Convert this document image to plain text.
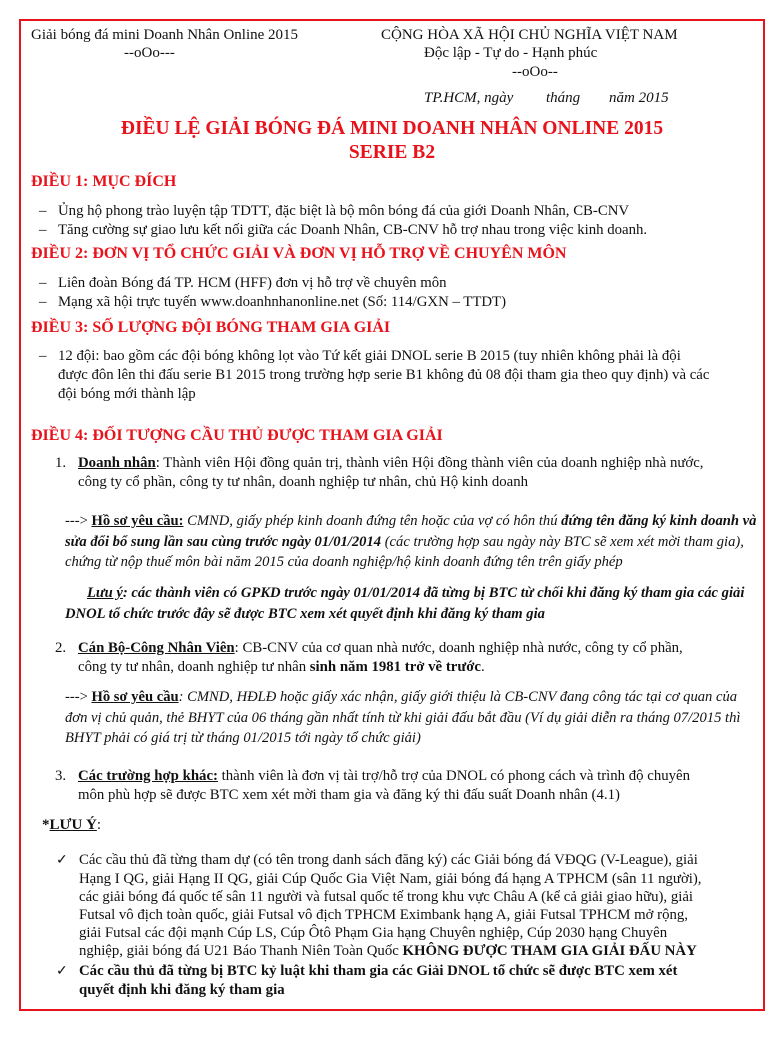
Giải bóng đá mini Doanh Nhân Online 2015
--oOo---
CỘNG HÒA XÃ HỘI CHỦ NGHĨA VIỆT NAM
Độc lập - Tự do - Hạnh phúc
--oOo--
TP.HCM, ngày tháng năm 2015
ĐIỀU LỆ GIẢI BÓNG ĐÁ MINI DOANH NHÂN ONLINE 2015
SERIE B2
ĐIỀU 1: MỤC ĐÍCH
– Ủng hộ phong trào luyện tập TDTT, đặc biệt là bộ môn bóng đá của giới Doanh Nhân, CB-CNV
– Tăng cường sự giao lưu kết nối giữa các Doanh Nhân, CB-CNV hỗ trợ nhau trong việc kinh doanh.
ĐIỀU 2: ĐƠN VỊ TỔ CHỨC GIẢI VÀ ĐƠN VỊ HỖ TRỢ VỀ CHUYÊN MÔN
– Liên đoàn Bóng đá TP. HCM (HFF) đơn vị hỗ trợ về chuyên môn
– Mạng xã hội trực tuyến www.doanhnhanonline.net (Số: 114/GXN – TTDT)
ĐIỀU 3: SỐ LƯỢNG ĐỘI BÓNG THAM GIA GIẢI
– 12 đội: bao gồm các đội bóng không lọt vào Tứ kết giải DNOL serie B 2015 (tuy nhiên không phải là đội
được đôn lên thi đấu serie B1 2015 trong trường hợp serie B1 không đủ 08 đội tham gia theo quy định) và các
đội bóng mới thành lập
ĐIỀU 4: ĐỐI TƯỢNG CẦU THỦ ĐƯỢC THAM GIA GIẢI
1. Doanh nhân: Thành viên Hội đồng quản trị, thành viên Hội đồng thành viên của doanh nghiệp nhà nước,
công ty cổ phần, công ty tư nhân, doanh nghiệp tư nhân, chủ Hộ kinh doanh
---> Hồ sơ yêu cầu: CMND, giấy phép kinh doanh đứng tên hoặc của vợ có hôn thú đứng tên đăng ký kinh doanh và sửa đổi bổ sung lần sau cùng trước ngày 01/01/2014 (các trường hợp sau ngày này BTC sẽ xem xét mời tham gia), chứng từ nộp thuế môn bài năm 2015 của doanh nghiệp/hộ kinh doanh đứng tên trên giấy phép
Lưu ý: các thành viên có GPKD trước ngày 01/01/2014 đã từng bị BTC từ chối khi đăng ký tham gia các giải DNOL tổ chức trước đây sẽ được BTC xem xét quyết định khi đăng ký tham gia
2. Cán Bộ-Công Nhân Viên: CB-CNV của cơ quan nhà nước, doanh nghiệp nhà nước, công ty cổ phần,
công ty tư nhân, doanh nghiệp tư nhân sinh năm 1981 trở về trước.
---> Hồ sơ yêu cầu: CMND, HĐLĐ hoặc giấy xác nhận, giấy giới thiệu là CB-CNV đang công tác tại cơ quan của đơn vị chủ quản, thẻ BHYT của 06 tháng gần nhất tính từ khi giải đấu bắt đầu (Ví dụ giải diễn ra tháng 07/2015 thì BHYT phải có giá trị từ tháng 01/2015 tới ngày tổ chức giải)
3. Các trường hợp khác: thành viên là đơn vị tài trợ/hỗ trợ của DNOL có phong cách và trình độ chuyên
môn phù hợp sẽ được BTC xem xét mời tham gia và đăng ký thi đấu suất Doanh nhân (4.1)
*LƯU Ý:
✓ Các cầu thủ đã từng tham dự (có tên trong danh sách đăng ký) các Giải bóng đá VĐQG (V-League), giải
Hạng I QG, giải Hạng II QG, giải Cúp Quốc Gia Việt Nam, giải bóng đá hạng A TPHCM (sân 11 người),
các giải bóng đá quốc tế sân 11 người và futsal quốc tế trong khu vực Châu A (kể cả giải giao hữu), giải
Futsal vô địch toàn quốc, giải Futsal vô địch TPHCM Eximbank hạng A, giải Futsal TPHCM mở rộng,
giải Futsal các đội mạnh Cúp LS, Cúp Ôtô Phạm Gia hạng Chuyên nghiệp, Cúp 2030 hạng Chuyên
nghiệp, giải bóng đá U21 Báo Thanh Niên Toàn Quốc KHÔNG ĐƯỢC THAM GIA GIẢI ĐẤU NÀY
✓ Các cầu thủ đã từng bị BTC kỷ luật khi tham gia các Giải DNOL tổ chức sẽ được BTC xem xét
quyết định khi đăng ký tham gia
